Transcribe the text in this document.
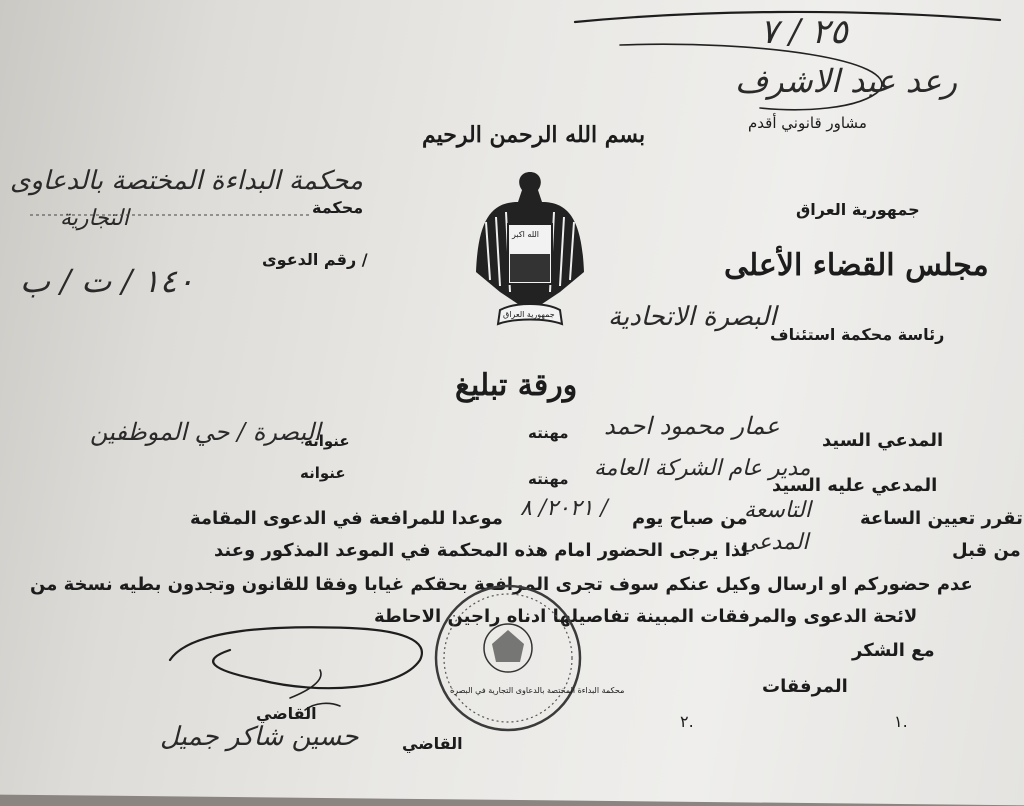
٢٥ / ٧
رعد عبد الاشرف
مشاور قانوني أقدم
بسم الله الرحمن الرحيم
الله اكبر
جمهورية العراق
جمهورية العراق
مجلس القضاء الأعلى
رئاسة محكمة استئناف
البصرة الاتحادية
محكمة
محكمة البداءة المختصة بالدعاوى
التجارية
رقم الدعوى /
١٤٠ / ت / ب
ورقة تبليغ
المدعي السيد
عمار محمود احمد
مهنته
عنوانه
البصرة / حي الموظفين
المدعي عليه السيد
مدير عام الشركة العامة
مهنته
عنوانه
تقرر تعيين الساعة
التاسعة
من صباح يوم
٢٠٢١/ ٨ /
موعدا للمرافعة في الدعوى المقامة
من قبل
المدعي
لذا يرجى الحضور امام هذه المحكمة في الموعد المذكور وعند
عدم حضوركم او ارسال وكيل عنكم سوف تجرى المرافعة بحقكم غيابا وفقا للقانون وتجدون بطيه نسخة من
لائحة الدعوى والمرفقات المبينة تفاصيلها ادناه راجين الاحاطة
مع الشكر
المرفقات
١.
٢.
القاضي
القاضي
حسين شاكر جميل
محكمة البداءة المختصة بالدعاوى التجارية في البصرة
